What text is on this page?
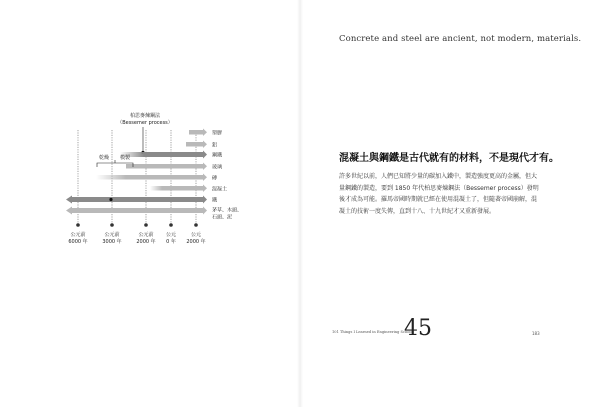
柏思麥煉鋼法
（Bessemer process）
乾燥 模製
塑膠
鋁
鋼鐵
玻璃
磚
混凝土
鐵
茅草、木頭、
石頭、泥
公元前
6000 年
公元前
3000 年
公元前
2000 年
公元
0 年
公元
2000 年
Concrete and steel are ancient, not modern, materials.
混凝土與鋼鐵是古代就有的材料，不是現代才有。

許多世紀以前，人們已知將少量的碳加入鐵中，製造強度更高的金屬，但大量鋼鐵的製造，要到 1850 年代柏思麥煉鋼法（Bessemer process）發明後才成為可能。羅馬帝國時期就已經在使用混凝土了，但隨著帝國崩解，混凝土的技術一度失傳，直到十八、十九世紀才又重新發展。

101 Things I Learned in Engineering School
45	183
